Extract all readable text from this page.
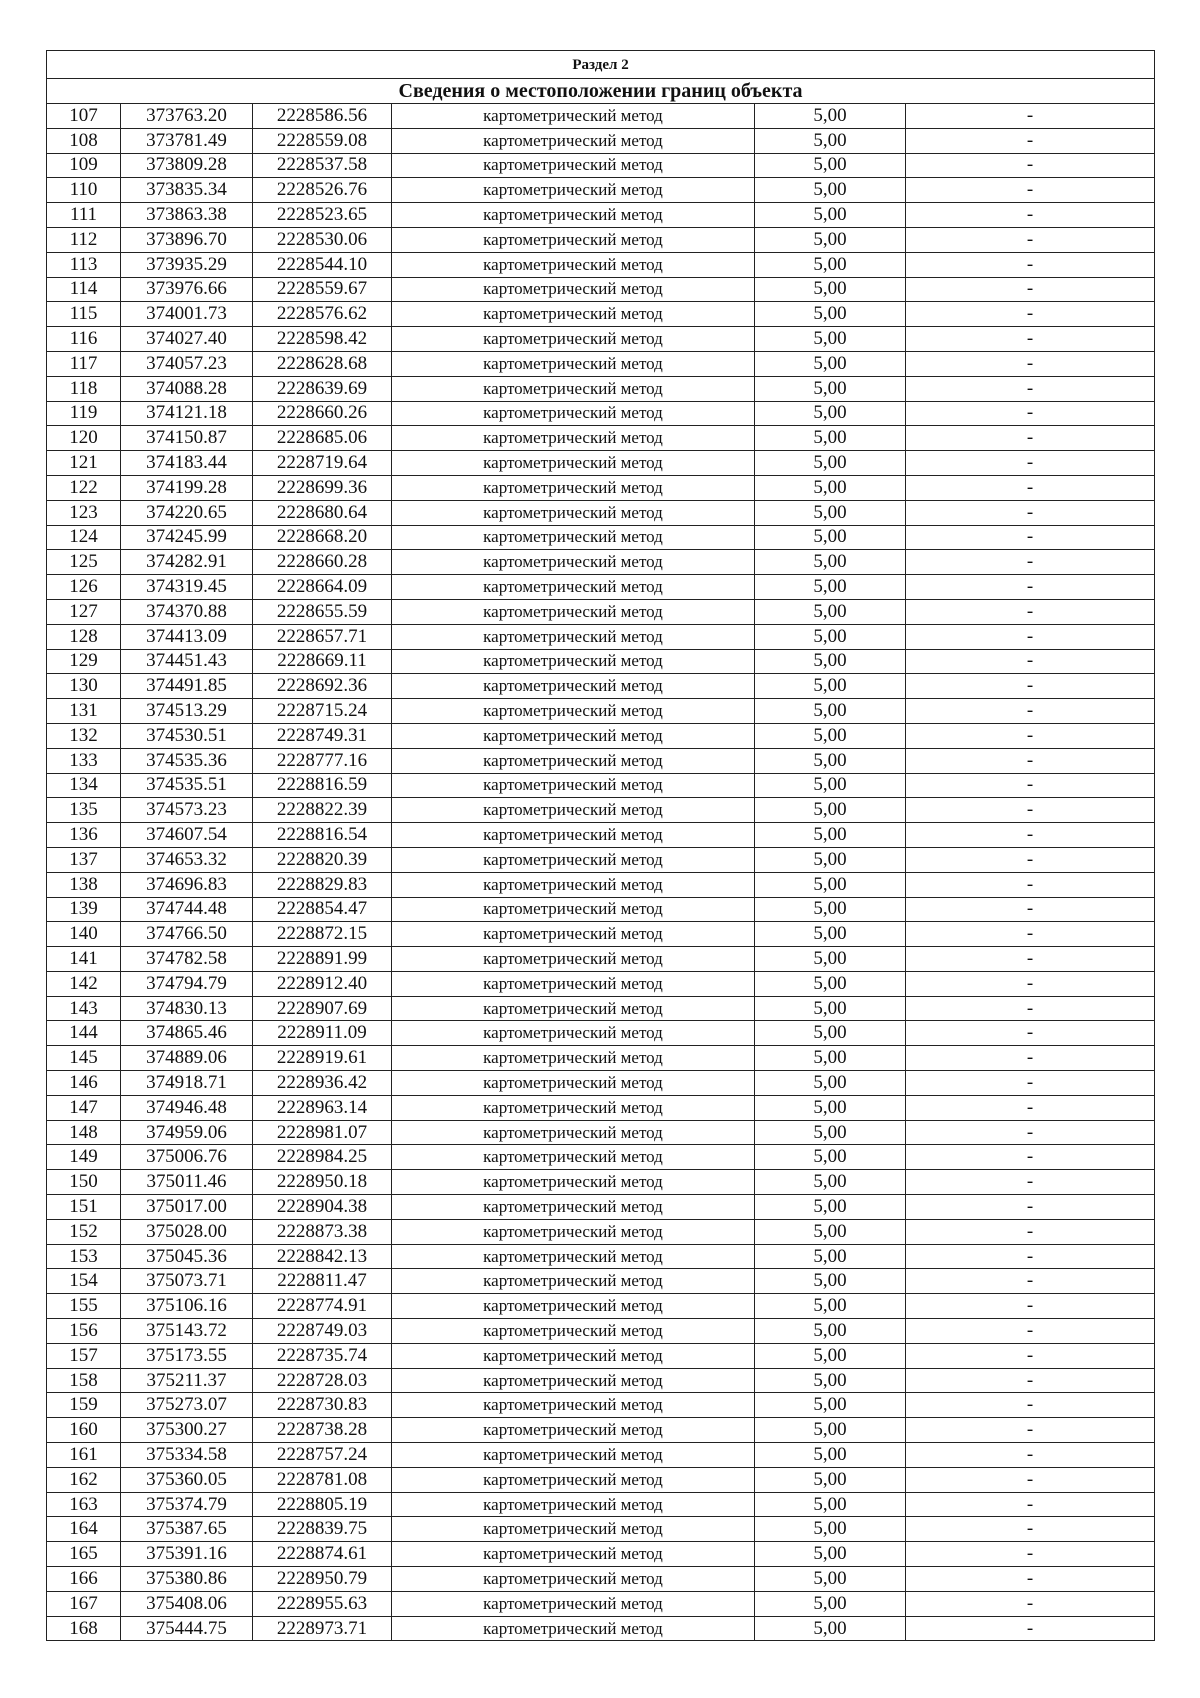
Раздел 2					
Сведения о местоположении границ объекта					
107	373763.20	2228586.56	картометрический метод	5,00	-
108	373781.49	2228559.08	картометрический метод	5,00	-
109	373809.28	2228537.58	картометрический метод	5,00	-
110	373835.34	2228526.76	картометрический метод	5,00	-
111	373863.38	2228523.65	картометрический метод	5,00	-
112	373896.70	2228530.06	картометрический метод	5,00	-
113	373935.29	2228544.10	картометрический метод	5,00	-
114	373976.66	2228559.67	картометрический метод	5,00	-
115	374001.73	2228576.62	картометрический метод	5,00	-
116	374027.40	2228598.42	картометрический метод	5,00	-
117	374057.23	2228628.68	картометрический метод	5,00	-
118	374088.28	2228639.69	картометрический метод	5,00	-
119	374121.18	2228660.26	картометрический метод	5,00	-
120	374150.87	2228685.06	картометрический метод	5,00	-
121	374183.44	2228719.64	картометрический метод	5,00	-
122	374199.28	2228699.36	картометрический метод	5,00	-
123	374220.65	2228680.64	картометрический метод	5,00	-
124	374245.99	2228668.20	картометрический метод	5,00	-
125	374282.91	2228660.28	картометрический метод	5,00	-
126	374319.45	2228664.09	картометрический метод	5,00	-
127	374370.88	2228655.59	картометрический метод	5,00	-
128	374413.09	2228657.71	картометрический метод	5,00	-
129	374451.43	2228669.11	картометрический метод	5,00	-
130	374491.85	2228692.36	картометрический метод	5,00	-
131	374513.29	2228715.24	картометрический метод	5,00	-
132	374530.51	2228749.31	картометрический метод	5,00	-
133	374535.36	2228777.16	картометрический метод	5,00	-
134	374535.51	2228816.59	картометрический метод	5,00	-
135	374573.23	2228822.39	картометрический метод	5,00	-
136	374607.54	2228816.54	картометрический метод	5,00	-
137	374653.32	2228820.39	картометрический метод	5,00	-
138	374696.83	2228829.83	картометрический метод	5,00	-
139	374744.48	2228854.47	картометрический метод	5,00	-
140	374766.50	2228872.15	картометрический метод	5,00	-
141	374782.58	2228891.99	картометрический метод	5,00	-
142	374794.79	2228912.40	картометрический метод	5,00	-
143	374830.13	2228907.69	картометрический метод	5,00	-
144	374865.46	2228911.09	картометрический метод	5,00	-
145	374889.06	2228919.61	картометрический метод	5,00	-
146	374918.71	2228936.42	картометрический метод	5,00	-
147	374946.48	2228963.14	картометрический метод	5,00	-
148	374959.06	2228981.07	картометрический метод	5,00	-
149	375006.76	2228984.25	картометрический метод	5,00	-
150	375011.46	2228950.18	картометрический метод	5,00	-
151	375017.00	2228904.38	картометрический метод	5,00	-
152	375028.00	2228873.38	картометрический метод	5,00	-
153	375045.36	2228842.13	картометрический метод	5,00	-
154	375073.71	2228811.47	картометрический метод	5,00	-
155	375106.16	2228774.91	картометрический метод	5,00	-
156	375143.72	2228749.03	картометрический метод	5,00	-
157	375173.55	2228735.74	картометрический метод	5,00	-
158	375211.37	2228728.03	картометрический метод	5,00	-
159	375273.07	2228730.83	картометрический метод	5,00	-
160	375300.27	2228738.28	картометрический метод	5,00	-
161	375334.58	2228757.24	картометрический метод	5,00	-
162	375360.05	2228781.08	картометрический метод	5,00	-
163	375374.79	2228805.19	картометрический метод	5,00	-
164	375387.65	2228839.75	картометрический метод	5,00	-
165	375391.16	2228874.61	картометрический метод	5,00	-
166	375380.86	2228950.79	картометрический метод	5,00	-
167	375408.06	2228955.63	картометрический метод	5,00	-
168	375444.75	2228973.71	картометрический метод	5,00	-
